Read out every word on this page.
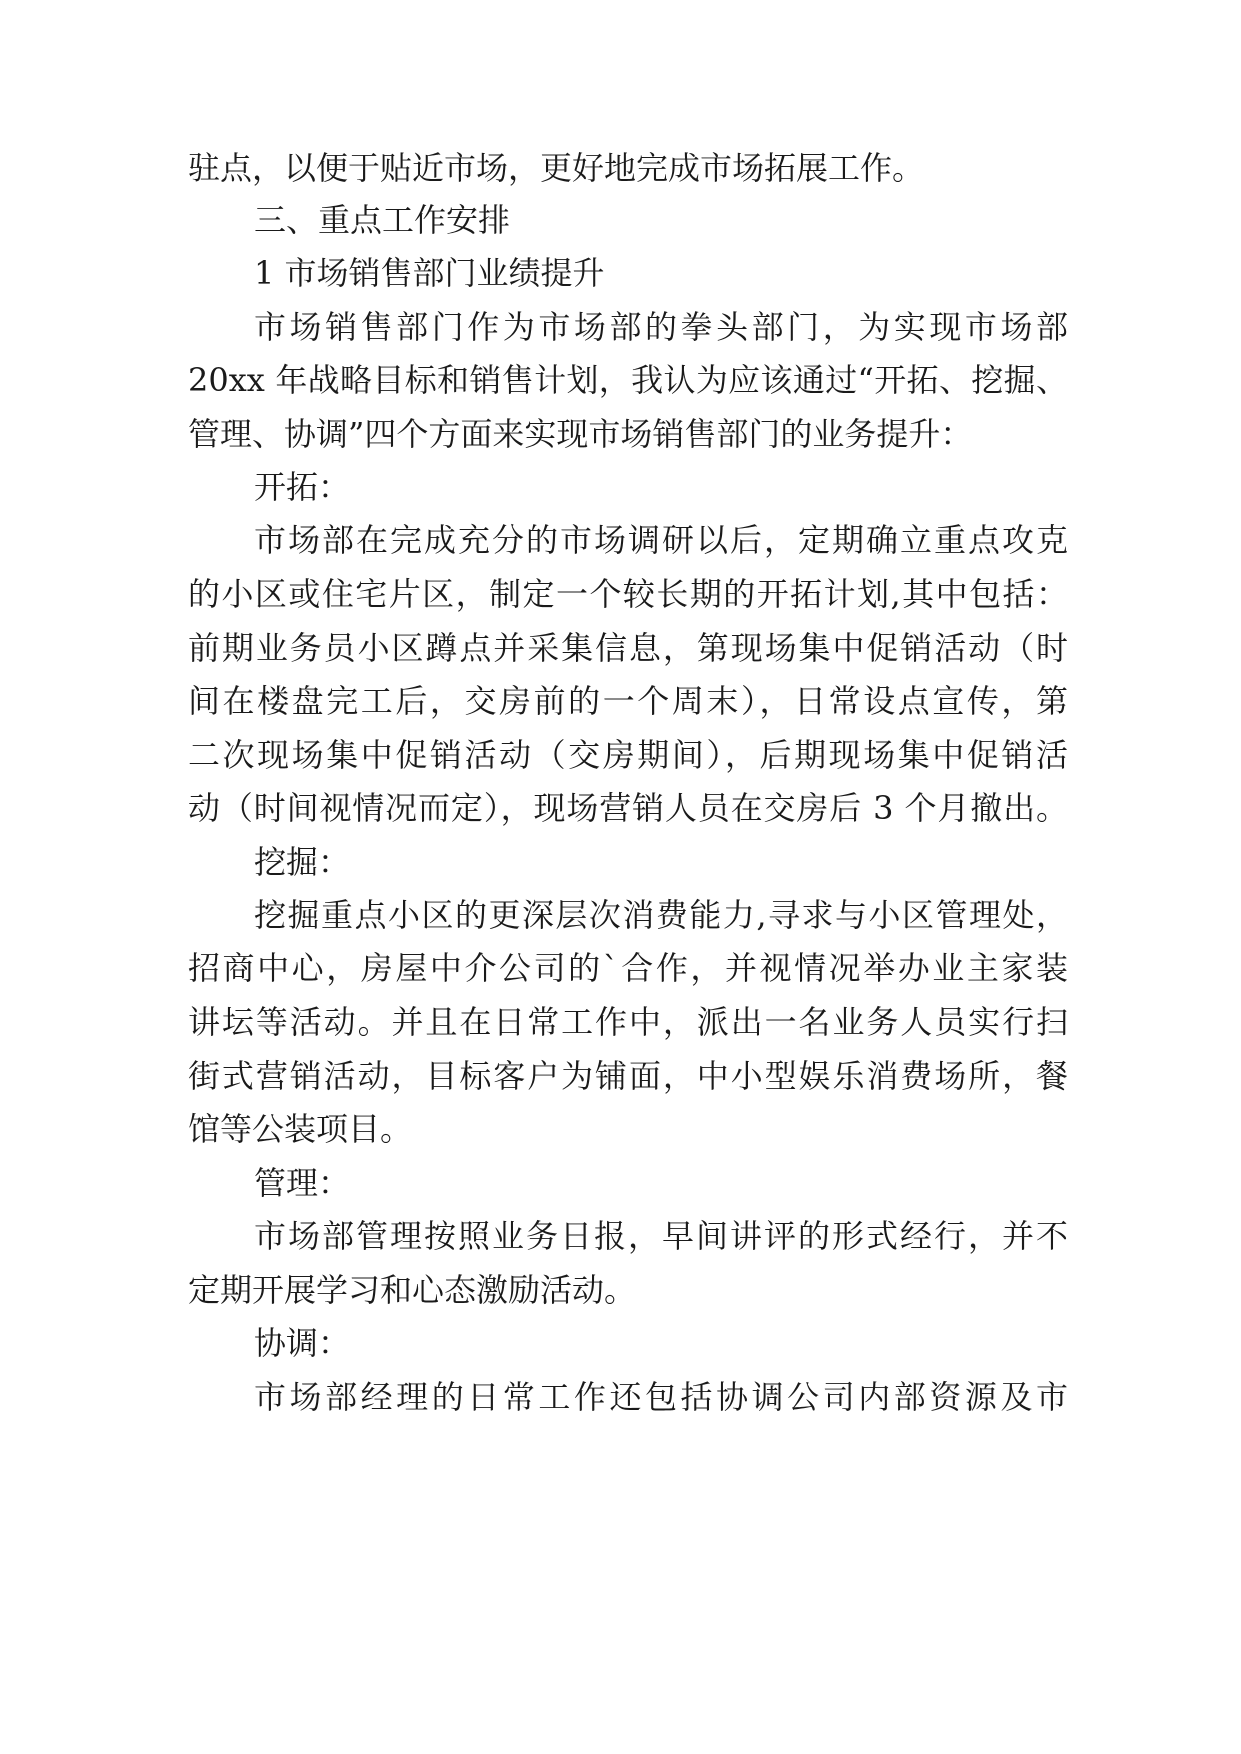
驻点，以便于贴近市场，更好地完成市场拓展工作。
三、重点工作安排
1 市场销售部门业绩提升
市场销售部门作为市场部的拳头部门，为实现市场部
20xx 年战略目标和销售计划，我认为应该通过“开拓、挖掘、
管理、协调”四个方面来实现市场销售部门的业务提升：
开拓：
市场部在完成充分的市场调研以后，定期确立重点攻克
的小区或住宅片区，制定一个较长期的开拓计划,其中包括：
前期业务员小区蹲点并采集信息，第现场集中促销活动（时
间在楼盘完工后，交房前的一个周末），日常设点宣传，第
二次现场集中促销活动（交房期间），后期现场集中促销活
动（时间视情况而定），现场营销人员在交房后 3 个月撤出。
挖掘：
挖掘重点小区的更深层次消费能力,寻求与小区管理处，
招商中心，房屋中介公司的`合作，并视情况举办业主家装
讲坛等活动。并且在日常工作中，派出一名业务人员实行扫
街式营销活动，目标客户为铺面，中小型娱乐消费场所，餐
馆等公装项目。
管理：
市场部管理按照业务日报，早间讲评的形式经行，并不
定期开展学习和心态激励活动。
协调：
市场部经理的日常工作还包括协调公司内部资源及市
